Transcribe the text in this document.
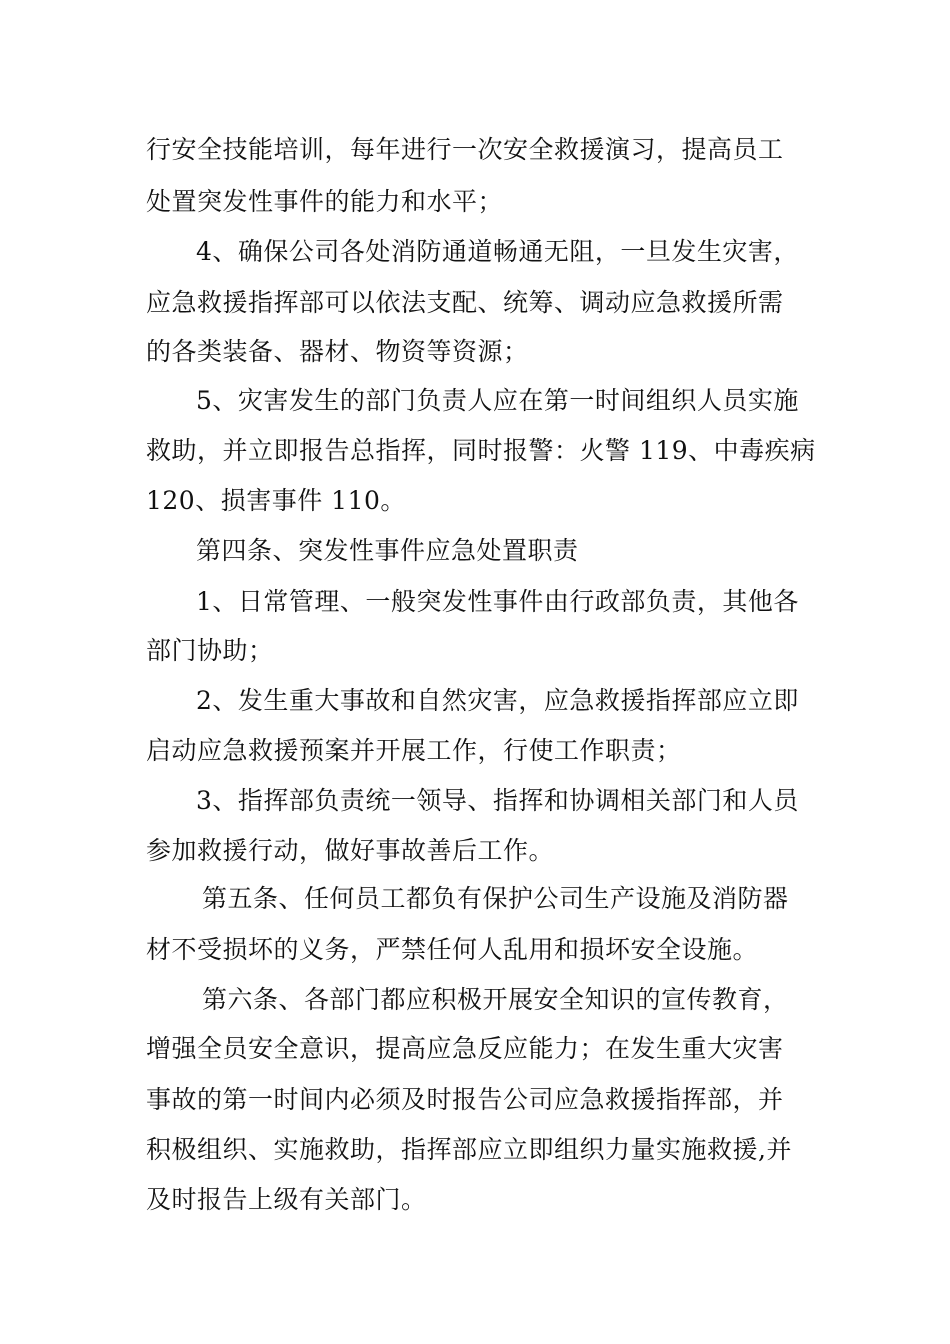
行安全技能培训，每年进行一次安全救援演习，提高员工
处置突发性事件的能力和水平；
4、确保公司各处消防通道畅通无阻，一旦发生灾害，
应急救援指挥部可以依法支配、统筹、调动应急救援所需
的各类装备、器材、物资等资源；
5、灾害发生的部门负责人应在第一时间组织人员实施
救助，并立即报告总指挥，同时报警：火警 119、中毒疾病
120、损害事件 110。
第四条、突发性事件应急处置职责
1、日常管理、一般突发性事件由行政部负责，其他各
部门协助；
2、发生重大事故和自然灾害，应急救援指挥部应立即
启动应急救援预案并开展工作，行使工作职责；
3、指挥部负责统一领导、指挥和协调相关部门和人员
参加救援行动，做好事故善后工作。
第五条、任何员工都负有保护公司生产设施及消防器
材不受损坏的义务，严禁任何人乱用和损坏安全设施。
第六条、各部门都应积极开展安全知识的宣传教育，
增强全员安全意识，提高应急反应能力；在发生重大灾害
事故的第一时间内必须及时报告公司应急救援指挥部，并
积极组织、实施救助，指挥部应立即组织力量实施救援,并
及时报告上级有关部门。
